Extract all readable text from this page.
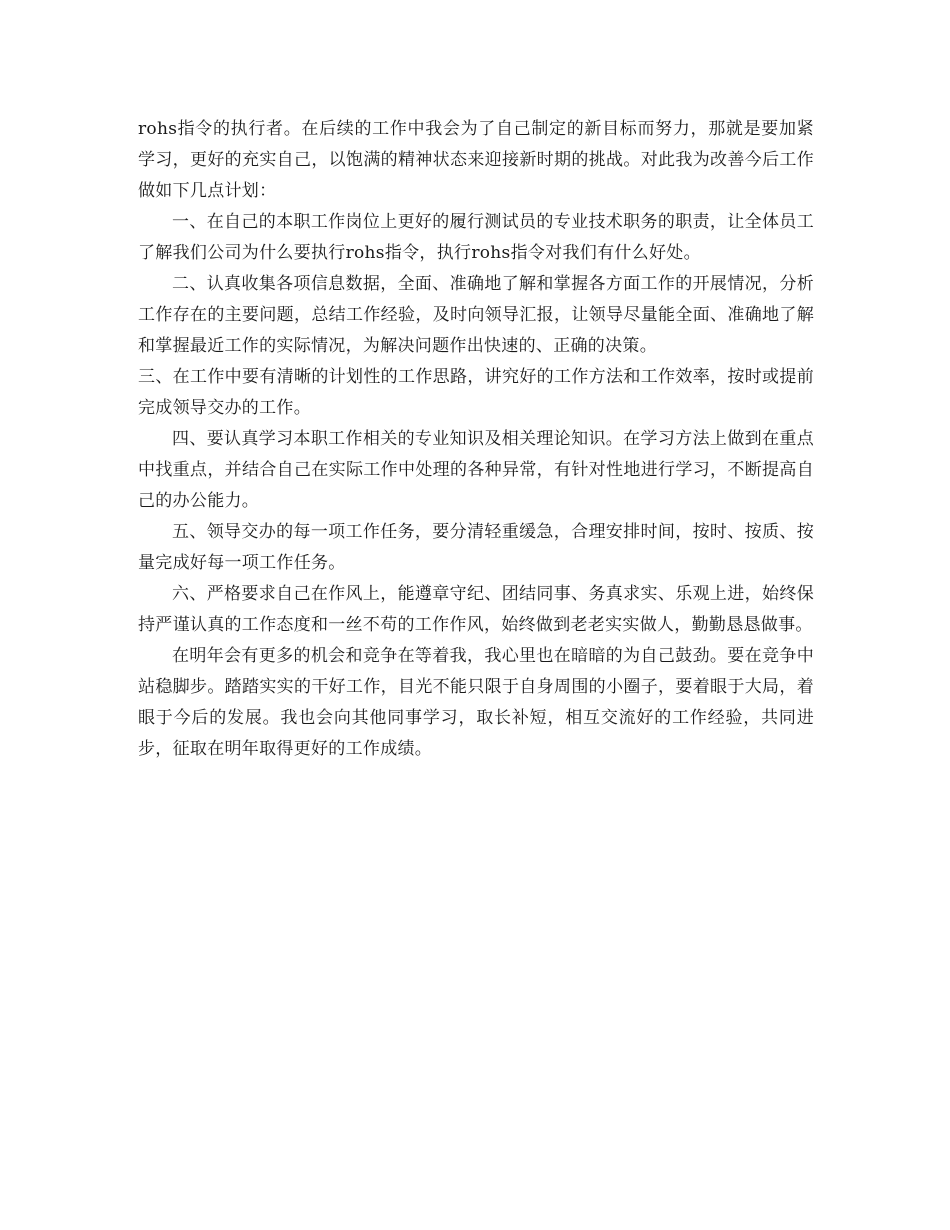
rohs指令的执行者。在后续的工作中我会为了自己制定的新目标而努力，那就是要加紧学习，更好的充实自己，以饱满的精神状态来迎接新时期的挑战。对此我为改善今后工作做如下几点计划：

一、在自己的本职工作岗位上更好的履行测试员的专业技术职务的职责，让全体员工了解我们公司为什么要执行rohs指令，执行rohs指令对我们有什么好处。

二、认真收集各项信息数据，全面、准确地了解和掌握各方面工作的开展情况，分析工作存在的主要问题，总结工作经验，及时向领导汇报，让领导尽量能全面、准确地了解和掌握最近工作的实际情况，为解决问题作出快速的、正确的决策。

三、在工作中要有清晰的计划性的工作思路，讲究好的工作方法和工作效率，按时或提前完成领导交办的工作。

四、要认真学习本职工作相关的专业知识及相关理论知识。在学习方法上做到在重点中找重点，并结合自己在实际工作中处理的各种异常，有针对性地进行学习，不断提高自己的办公能力。

五、领导交办的每一项工作任务，要分清轻重缓急，合理安排时间，按时、按质、按量完成好每一项工作任务。

六、严格要求自己在作风上，能遵章守纪、团结同事、务真求实、乐观上进，始终保持严谨认真的工作态度和一丝不苟的工作作风，始终做到老老实实做人，勤勤恳恳做事。

在明年会有更多的机会和竞争在等着我，我心里也在暗暗的为自己鼓劲。要在竞争中站稳脚步。踏踏实实的干好工作，目光不能只限于自身周围的小圈子，要着眼于大局，着眼于今后的发展。我也会向其他同事学习，取长补短，相互交流好的工作经验，共同进步，征取在明年取得更好的工作成绩。
